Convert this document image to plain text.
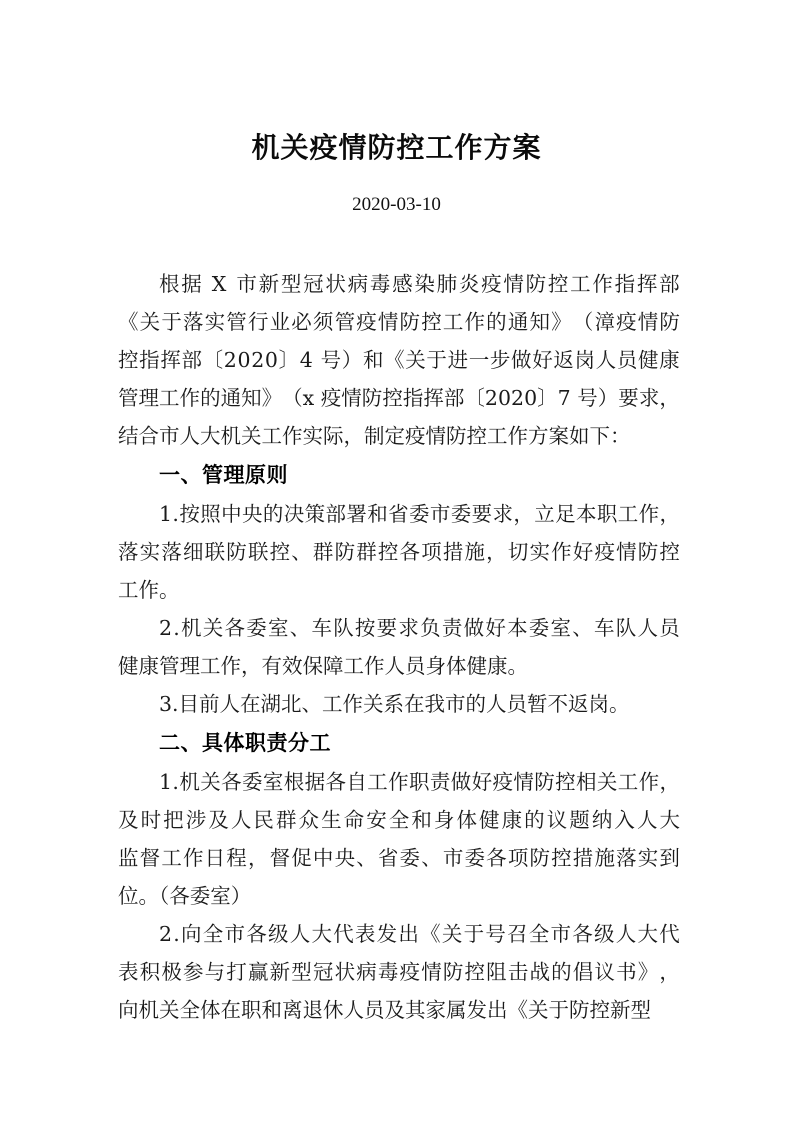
机关疫情防控工作方案
2020-03-10
根 据
X
市 新 型 冠 状 病 毒 感 染 肺 炎 疫 情 防 控 工 作 指 挥 部
《 关 于 落 实 管 行 业 必 须 管 疫 情 防 控 工 作 的 通 知 》 （ 漳 疫 情 防
控 指 挥 部 〔 2 0 2 0 〕 4
号 ） 和 《 关 于 进 一 步 做 好 返 岗 人 员 健 康
管 理 工 作 的 通 知 》 （ x
疫 情 防 控 指 挥 部 〔 2 0 2 0 〕 7
号 ） 要 求 ，
结合市人大机关工作实际，制定疫情防控工作方案如下：
一、管理原则
1 . 按 照 中 央 的 决 策 部 署 和 省 委 市 委 要 求 ， 立 足 本 职 工 作 ，
落 实 落 细 联 防 联 控 、 群 防 群 控 各 项 措 施 ， 切 实 作 好 疫 情 防 控
工作。
2 . 机 关 各 委 室 、 车 队 按 要 求 负 责 做 好 本 委 室 、 车 队 人 员
健康管理工作，有效保障工作人员身体健康。
3.目前人在湖北、工作关系在我市的人员暂不返岗。
二、具体职责分工
1 . 机 关 各 委 室 根 据 各 自 工 作 职 责 做 好 疫 情 防 控 相 关 工 作 ，
及 时 把 涉 及 人 民 群 众 生 命 安 全 和 身 体 健 康 的 议 题 纳 入 人 大
监 督 工 作 日 程 ， 督 促 中 央 、 省 委 、 市 委 各 项 防 控 措 施 落 实 到
位。（各委室）
2 . 向 全 市 各 级 人 大 代 表 发 出 《 关 于 号 召 全 市 各 级 人 大 代
表 积 极 参 与 打 赢 新 型 冠 状 病 毒 疫 情 防 控 阻 击 战 的 倡 议 书 》 ，
向机关全体在职和离退休人员及其家属发出《关于防控新型
